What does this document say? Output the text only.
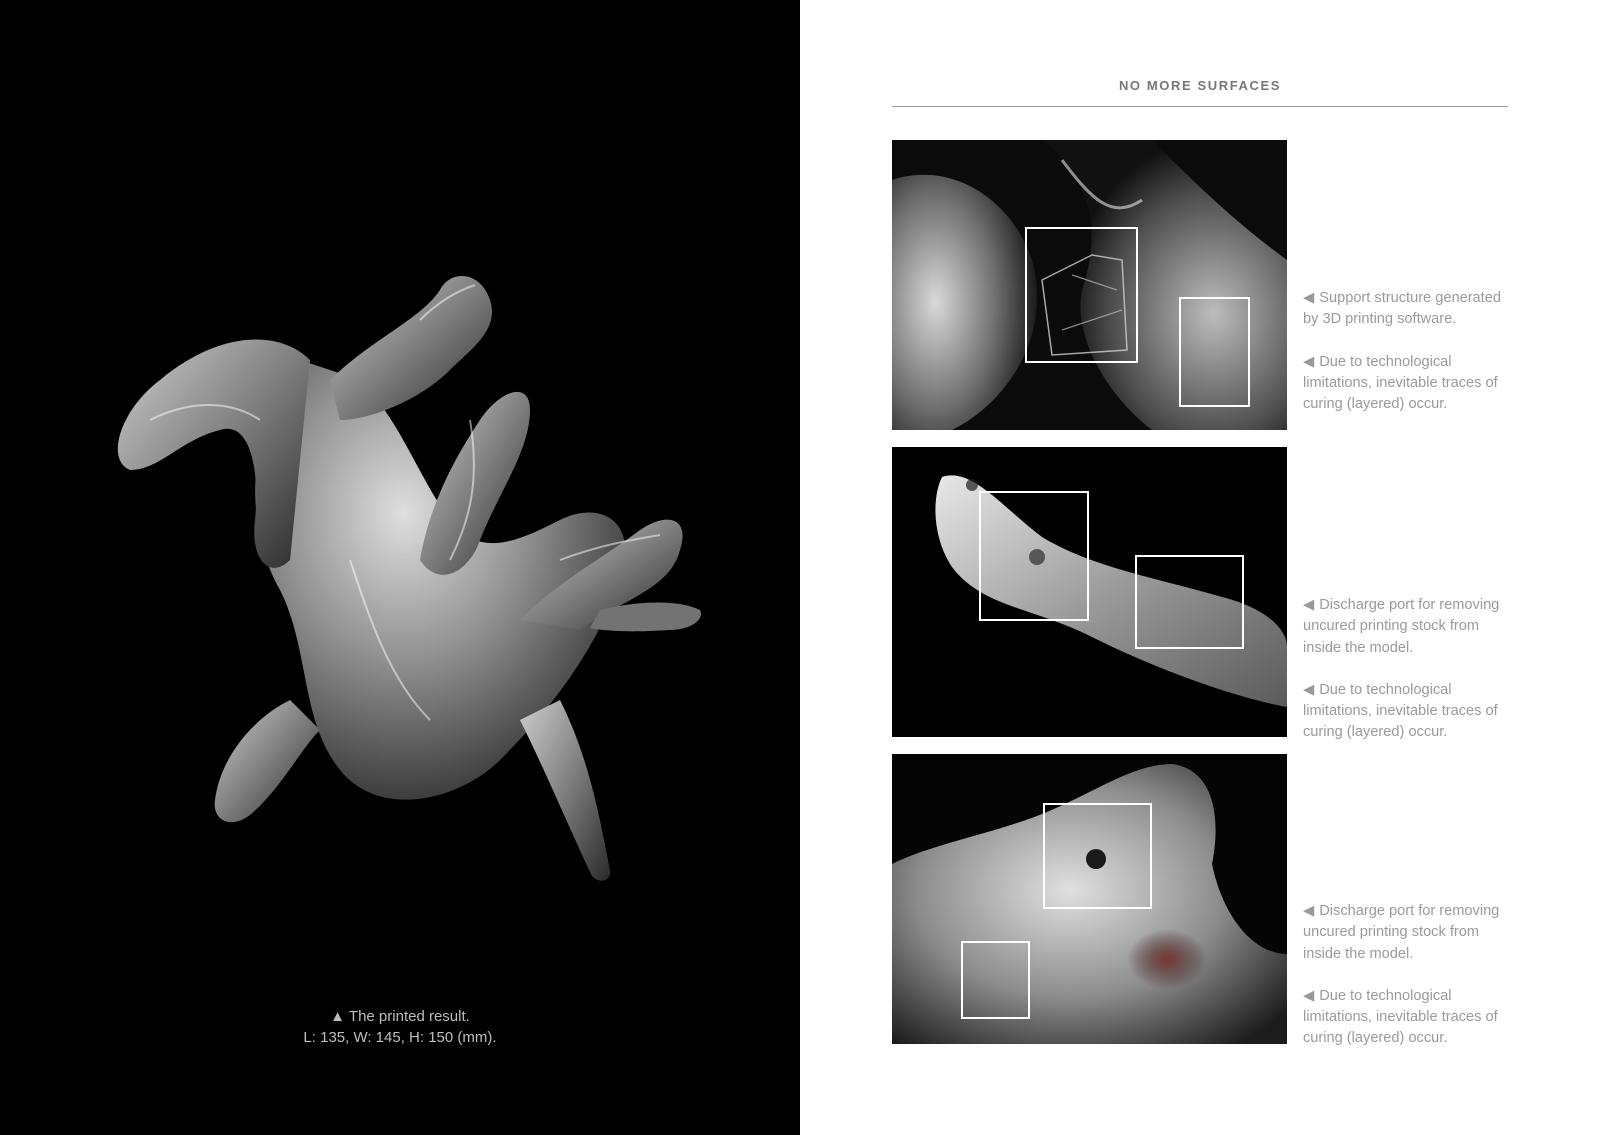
▲ The printed result.
L: 135, W: 145, H: 150 (mm).
NO MORE SURFACES

◀ Support structure generated by 3D printing software.

◀ Due to technological limitations, inevitable traces of curing (layered) occur.

◀ Discharge port for removing uncured printing stock from inside the model.

◀ Due to technological limitations, inevitable traces of curing (layered) occur.

◀ Discharge port for removing uncured printing stock from inside the model.

◀ Due to technological limitations, inevitable traces of curing (layered) occur.
